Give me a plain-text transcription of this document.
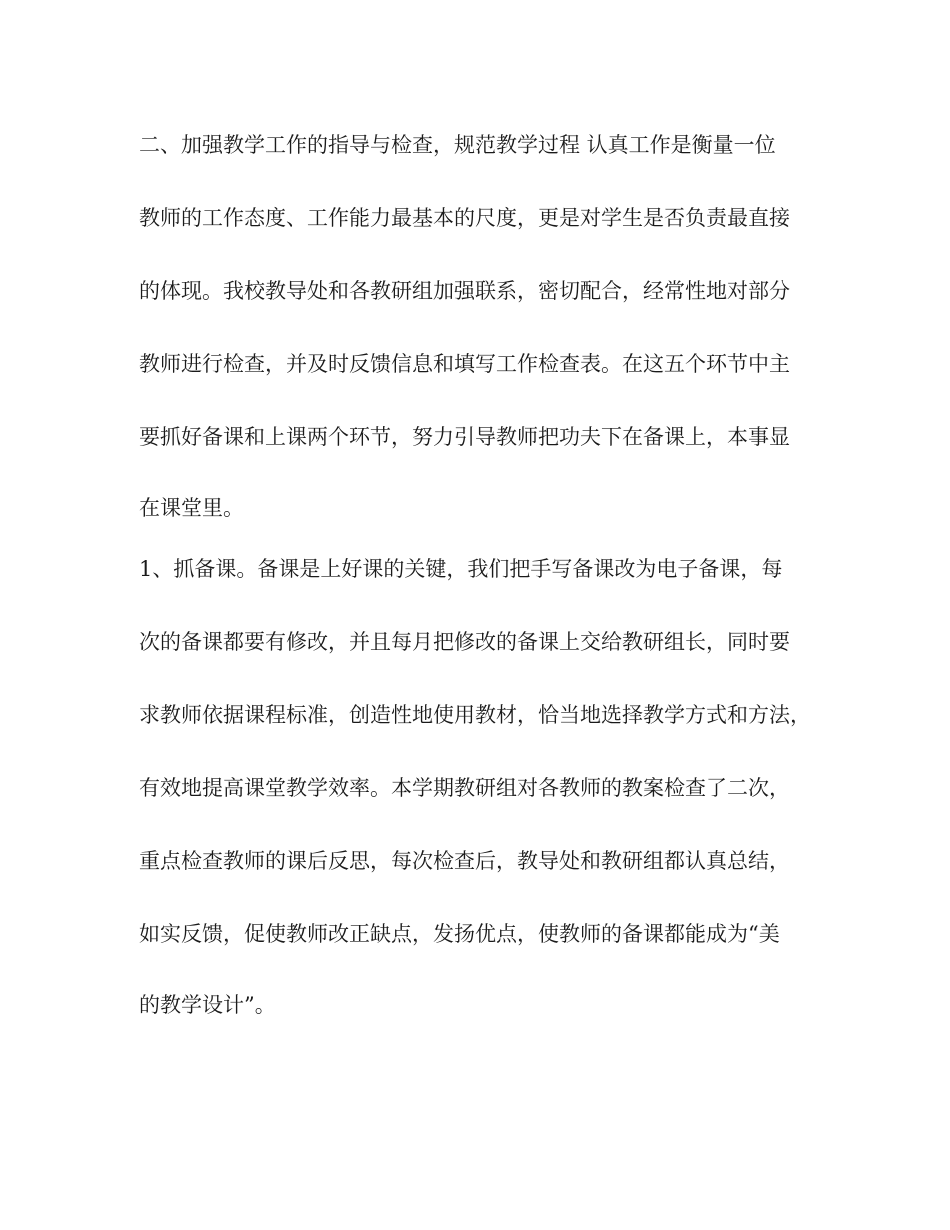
二、加强教学工作的指导与检查，规范教学过程 认真工作是衡量一位
教师的工作态度、工作能力最基本的尺度，更是对学生是否负责最直接
的体现。我校教导处和各教研组加强联系，密切配合，经常性地对部分
教师进行检查，并及时反馈信息和填写工作检查表。在这五个环节中主
要抓好备课和上课两个环节，努力引导教师把功夫下在备课上，本事显
在课堂里。
1、抓备课。备课是上好课的关键，我们把手写备课改为电子备课，每
次的备课都要有修改，并且每月把修改的备课上交给教研组长，同时要
求教师依据课程标准，创造性地使用教材，恰当地选择教学方式和方法，
有效地提高课堂教学效率。本学期教研组对各教师的教案检查了二次，
重点检查教师的课后反思，每次检查后，教导处和教研组都认真总结，
如实反馈，促使教师改正缺点，发扬优点，使教师的备课都能成为“美
的教学设计”。
